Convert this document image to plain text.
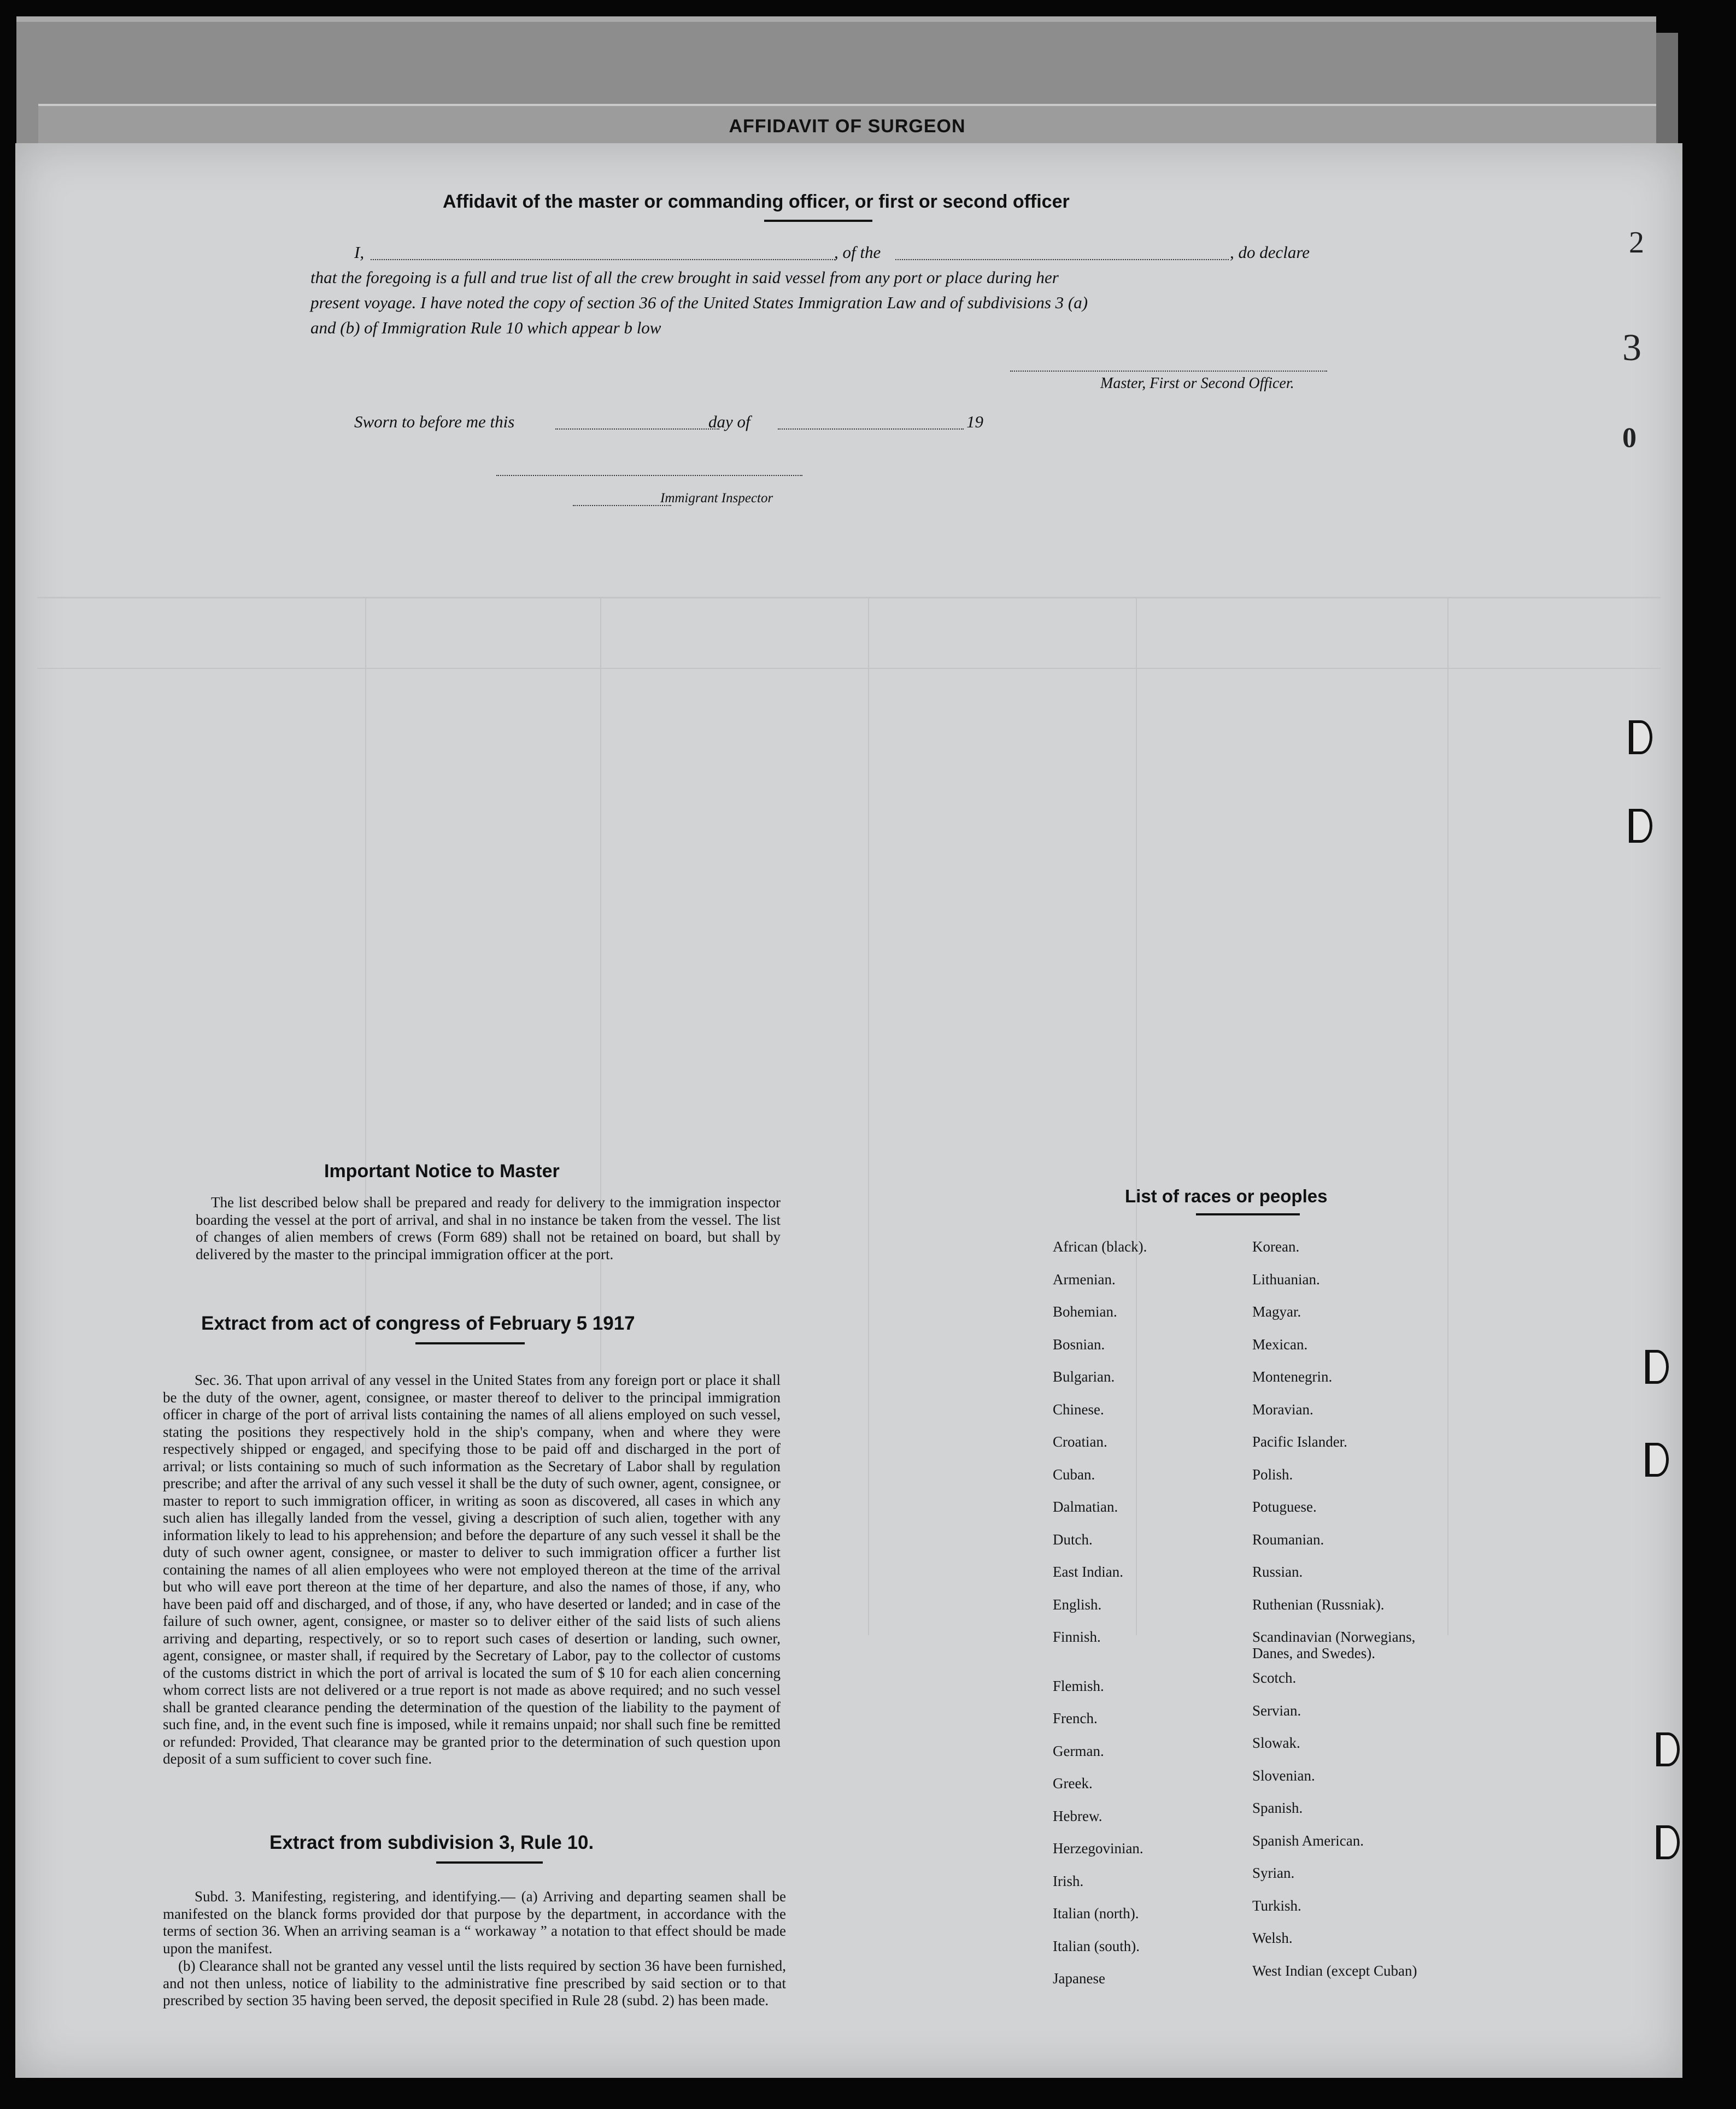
AFFIDAVIT OF SURGEON
Affidavit of the master or commanding officer, or first or second officer
I,	, of the	, do declare
that the foregoing is a full and true list of all the crew brought in said vessel from any port or place during her
present voyage. I have noted the copy of section 36 of the United States Immigration Law and of subdivisions 3 (a)
and (b) of Immigration Rule 10 which appear b low
Master, First or Second Officer.
Sworn to before me this	day of	19
Immigrant Inspector
Important Notice to Master
The list described below shall be prepared and ready for delivery to the immigration inspector boarding the vessel at the port of arrival, and shal in no instance be taken from the vessel. The list of changes of alien members of crews (Form 689) shall not be retained on board, but shall by delivered by the master to the principal immigration officer at the port.
Extract from act of congress of February 5 1917
Sec. 36. That upon arrival of any vessel in the United States from any foreign port or place it shall be the duty of the owner, agent, consignee, or master thereof to deliver to the principal immigration officer in charge of the port of arrival lists containing the names of all aliens employed on such vessel, stating the positions they respectively hold in the ship's company, when and where they were respectively shipped or engaged, and specifying those to be paid off and discharged in the port of arrival; or lists containing so much of such information as the Secretary of Labor shall by regulation prescribe; and after the arrival of any such vessel it shall be the duty of such owner, agent, consignee, or master to report to such immigration officer, in writing as soon as discovered, all cases in which any such alien has illegally landed from the vessel, giving a description of such alien, together with any information likely to lead to his apprehension; and before the departure of any such vessel it shall be the duty of such owner agent, consignee, or master to deliver to such immigration officer a further list containing the names of all alien employees who were not employed thereon at the time of the arrival but who will eave port thereon at the time of her departure, and also the names of those, if any, who have been paid off and discharged, and of those, if any, who have deserted or landed; and in case of the failure of such owner, agent, consignee, or master so to deliver either of the said lists of such aliens arriving and departing, respectively, or so to report such cases of desertion or landing, such owner, agent, consignee, or master shall, if required by the Secretary of Labor, pay to the collector of customs of the customs district in which the port of arrival is located the sum of $ 10 for each alien concerning whom correct lists are not delivered or a true report is not made as above required; and no such vessel shall be granted clearance pending the determination of the question of the liability to the payment of such fine, and, in the event such fine is imposed, while it remains unpaid; nor shall such fine be remitted or refunded: Provided, That clearance may be granted prior to the determination of such question upon deposit of a sum sufficient to cover such fine.
Extract from subdivision 3, Rule 10.
Subd. 3. Manifesting, registering, and identifying.— (a) Arriving and departing seamen shall be manifested on the blanck forms provided dor that purpose by the department, in accordance with the terms of section 36. When an arriving seaman is a “ workaway ” a notation to that effect should be made upon the manifest.
(b) Clearance shall not be granted any vessel until the lists required by section 36 have been furnished, and not then unless, notice of liability to the administrative fine prescribed by said section or to that prescribed by section 35 having been served, the deposit specified in Rule 28 (subd. 2) has been made.
List of races or peoples
African (black).
Armenian.
Bohemian.
Bosnian.
Bulgarian.
Chinese.
Croatian.
Cuban.
Dalmatian.
Dutch.
East Indian.
English.
Finnish.
Flemish.
French.
German.
Greek.
Hebrew.
Herzegovinian.
Irish.
Italian (north).
Italian (south).
Japanese
Korean.
Lithuanian.
Magyar.
Mexican.
Montenegrin.
Moravian.
Pacific Islander.
Polish.
Potuguese.
Roumanian.
Russian.
Ruthenian (Russniak).
Scandinavian (Norwegians, Danes, and Swedes).
Scotch.
Servian.
Slowak.
Slovenian.
Spanish.
Spanish American.
Syrian.
Turkish.
Welsh.
West Indian (except Cuban)
2
3
0
